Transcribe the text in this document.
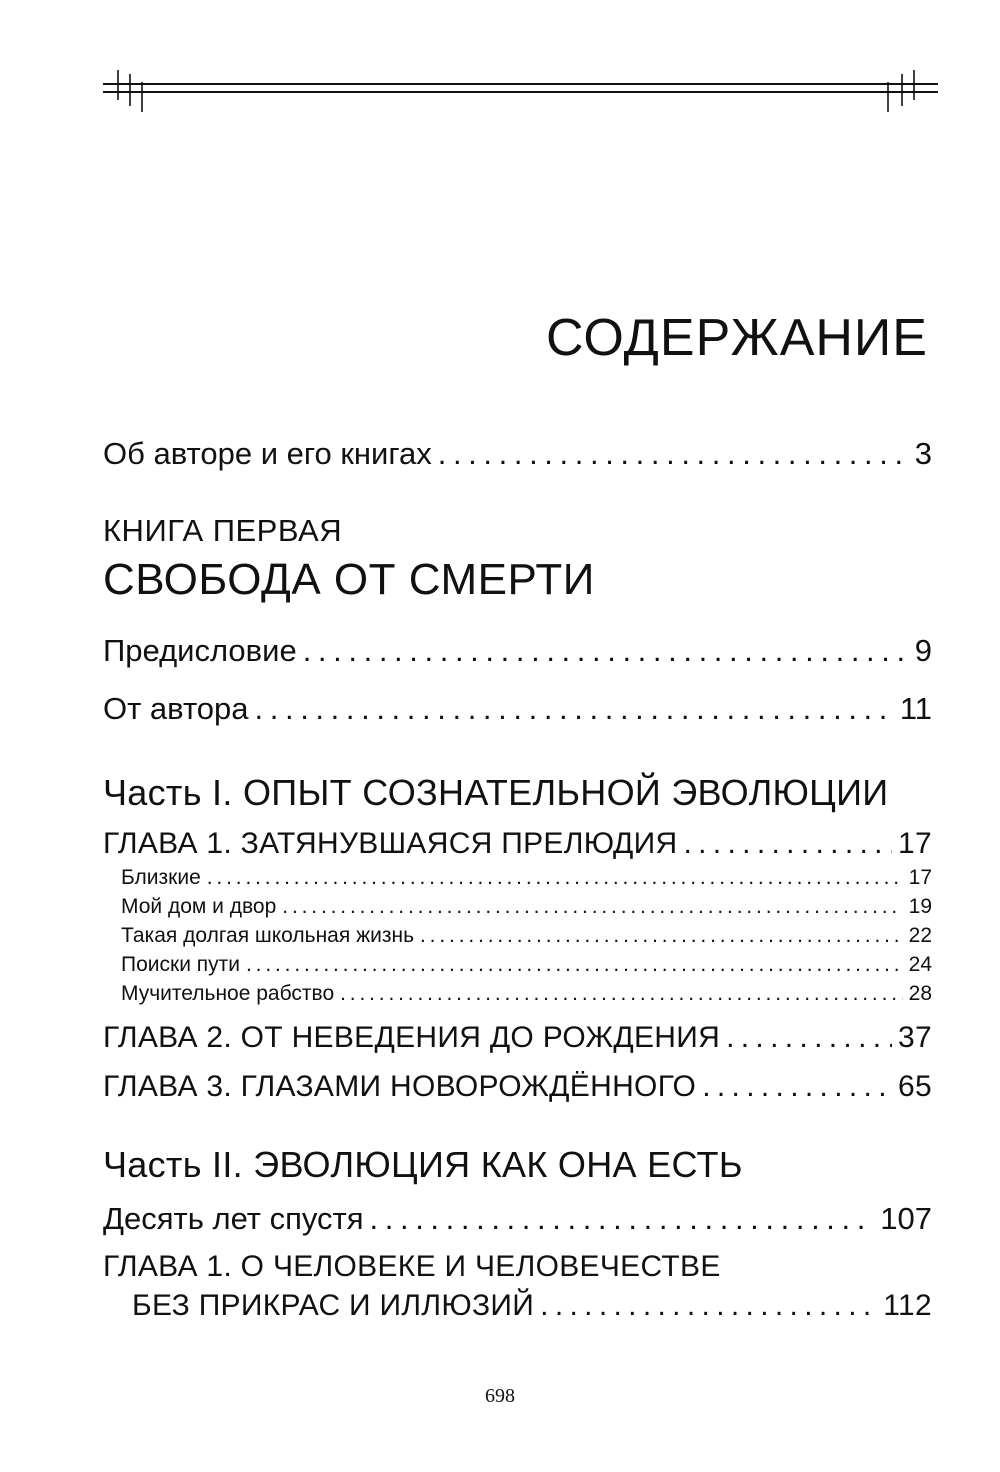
СОДЕРЖАНИЕ
Об авторе и его книгах . . .	3
КНИГА ПЕРВАЯ
СВОБОДА ОТ СМЕРТИ
Предисловие . . .	9
От автора . . .	11
Часть I. ОПЫТ СОЗНАТЕЛЬНОЙ ЭВОЛЮЦИИ
ГЛАВА 1. ЗАТЯНУВШАЯСЯ ПРЕЛЮДИЯ . . .	17
Близкие . . .	17
Мой дом и двор . . .	19
Такая долгая школьная жизнь . . .	22
Поиски пути . . .	24
Мучительное рабство . . .	28
ГЛАВА 2. ОТ НЕВЕДЕНИЯ ДО РОЖДЕНИЯ . . .	37
ГЛАВА 3. ГЛАЗАМИ НОВОРОЖДЁННОГО . . .	65
Часть II. ЭВОЛЮЦИЯ КАК ОНА ЕСТЬ
Десять лет спустя . . .	107
ГЛАВА 1. О ЧЕЛОВЕКЕ И ЧЕЛОВЕЧЕСТВЕ
БЕЗ ПРИКРАС И ИЛЛЮЗИЙ . . .	112
698
